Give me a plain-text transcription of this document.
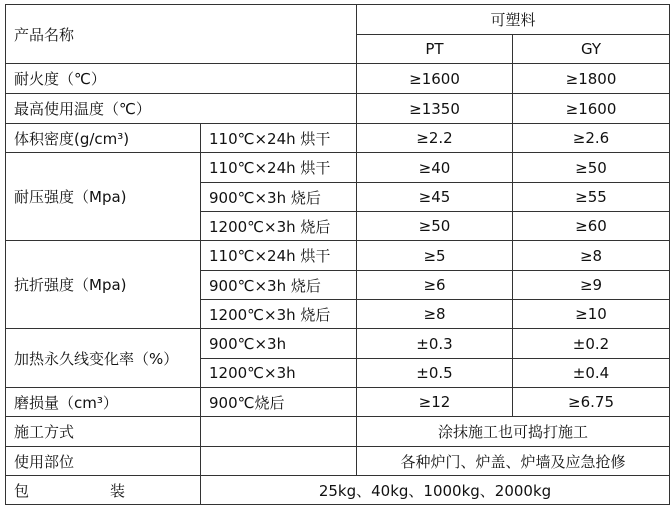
产品名称		可塑料	
		PT	GY
耐火度（℃）		≥1600	≥1800
最高使用温度（℃）		≥1350	≥1600
体积密度(g/cm³)	110℃×24h 烘干	≥2.2	≥2.6
耐压强度（Mpa)	110℃×24h 烘干	≥40	≥50
	900℃×3h 烧后	≥45	≥55
	1200℃×3h 烧后	≥50	≥60
抗折强度（Mpa)	110℃×24h 烘干	≥5	≥8
	900℃×3h 烧后	≥6	≥9
	1200℃×3h 烧后	≥8	≥10
加热永久线变化率（%）	900℃×3h	±0.3	±0.2
	1200℃×3h	±0.5	±0.4
磨损量（cm³）	900℃烧后	≥12	≥6.75
施工方式		涂抹施工也可捣打施工	
使用部位		各种炉门、炉盖、炉墙及应急抢修	
包 装	25kg、40kg、1000kg、2000kg		
